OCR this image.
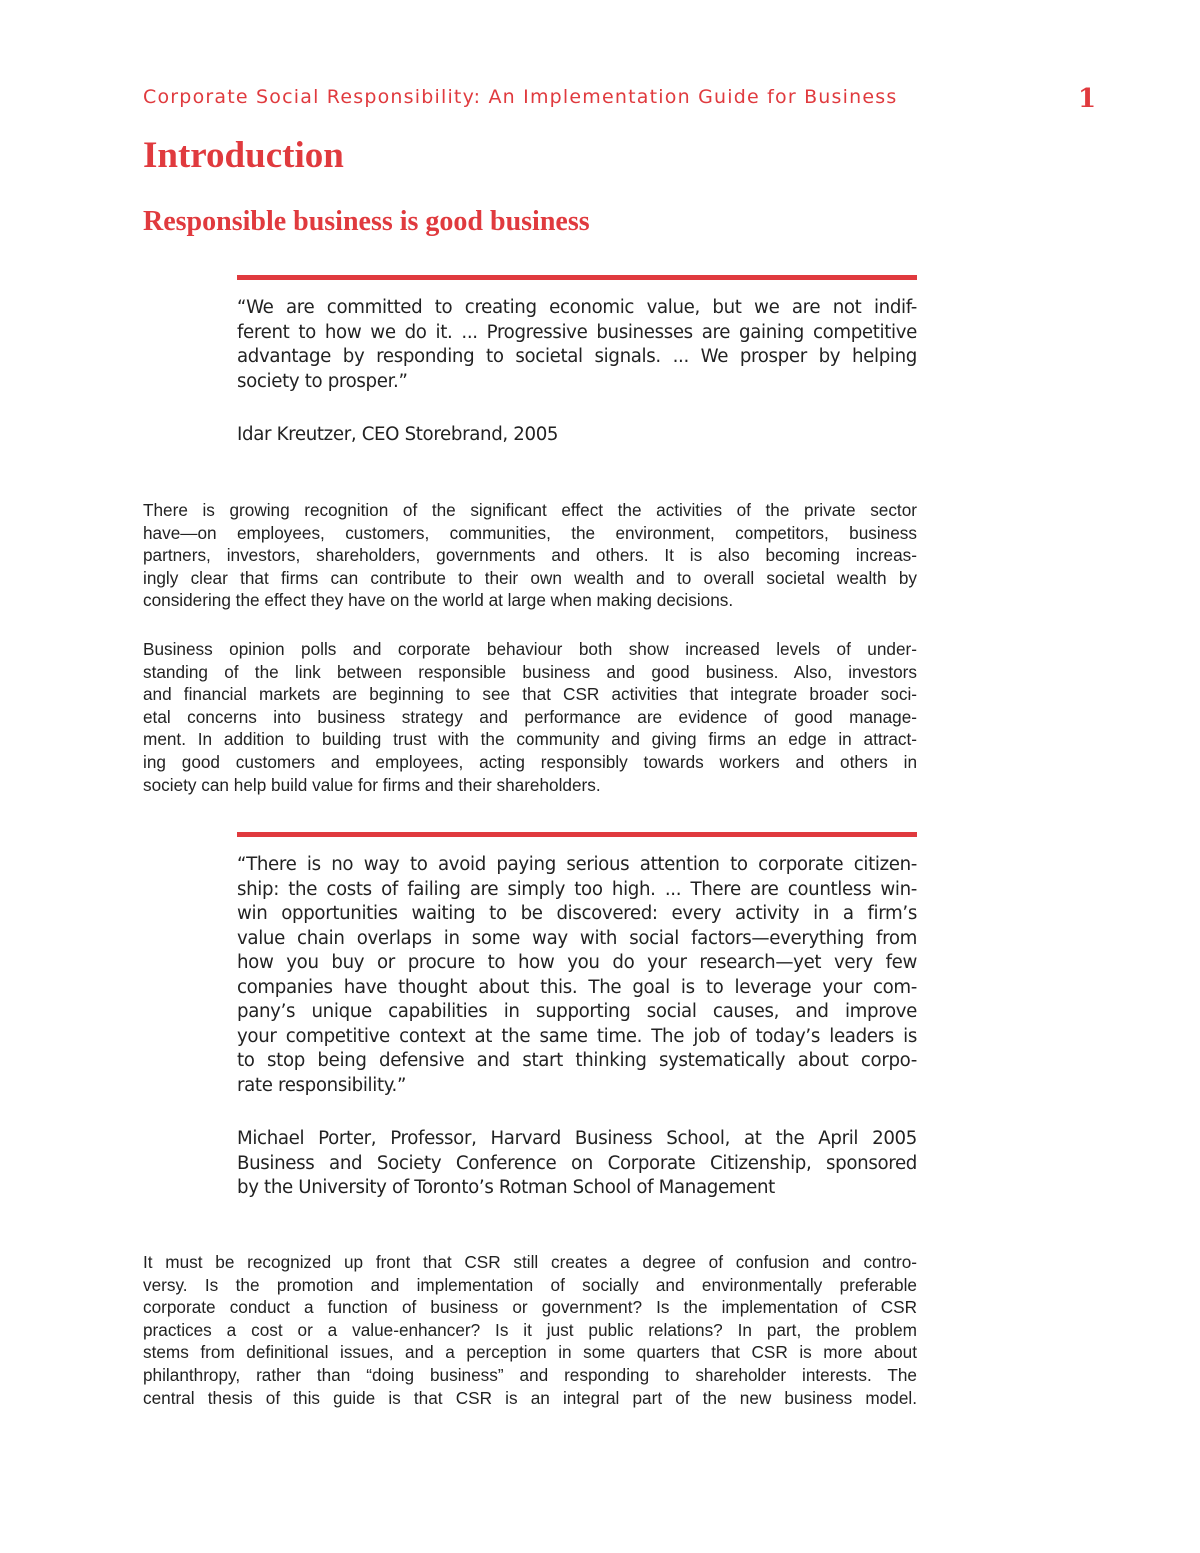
Corporate Social Responsibility: An Implementation Guide for Business	1
Introduction
Responsible business is good business
“We are committed to creating economic value, but we are not indif-
ferent to how we do it. ... Progressive businesses are gaining competitive
advantage by responding to societal signals. ... We prosper by helping
society to prosper.”
Idar Kreutzer, CEO Storebrand, 2005
There is growing recognition of the significant effect the activities of the private sector
have—on employees, customers, communities, the environment, competitors, business
partners, investors, shareholders, governments and others. It is also becoming increas-
ingly clear that firms can contribute to their own wealth and to overall societal wealth by
considering the effect they have on the world at large when making decisions.
Business opinion polls and corporate behaviour both show increased levels of under-
standing of the link between responsible business and good business. Also, investors
and financial markets are beginning to see that CSR activities that integrate broader soci-
etal concerns into business strategy and performance are evidence of good manage-
ment. In addition to building trust with the community and giving firms an edge in attract-
ing good customers and employees, acting responsibly towards workers and others in
society can help build value for firms and their shareholders.
“There is no way to avoid paying serious attention to corporate citizen-
ship: the costs of failing are simply too high. ... There are countless win-
win opportunities waiting to be discovered: every activity in a firm’s
value chain overlaps in some way with social factors—everything from
how you buy or procure to how you do your research—yet very few
companies have thought about this. The goal is to leverage your com-
pany’s unique capabilities in supporting social causes, and improve
your competitive context at the same time. The job of today’s leaders is
to stop being defensive and start thinking systematically about corpo-
rate responsibility.”
Michael Porter, Professor, Harvard Business School, at the April 2005
Business and Society Conference on Corporate Citizenship, sponsored
by the University of Toronto’s Rotman School of Management
It must be recognized up front that CSR still creates a degree of confusion and contro-
versy. Is the promotion and implementation of socially and environmentally preferable
corporate conduct a function of business or government? Is the implementation of CSR
practices a cost or a value-enhancer? Is it just public relations? In part, the problem
stems from definitional issues, and a perception in some quarters that CSR is more about
philanthropy, rather than “doing business” and responding to shareholder interests. The
central thesis of this guide is that CSR is an integral part of the new business model.
